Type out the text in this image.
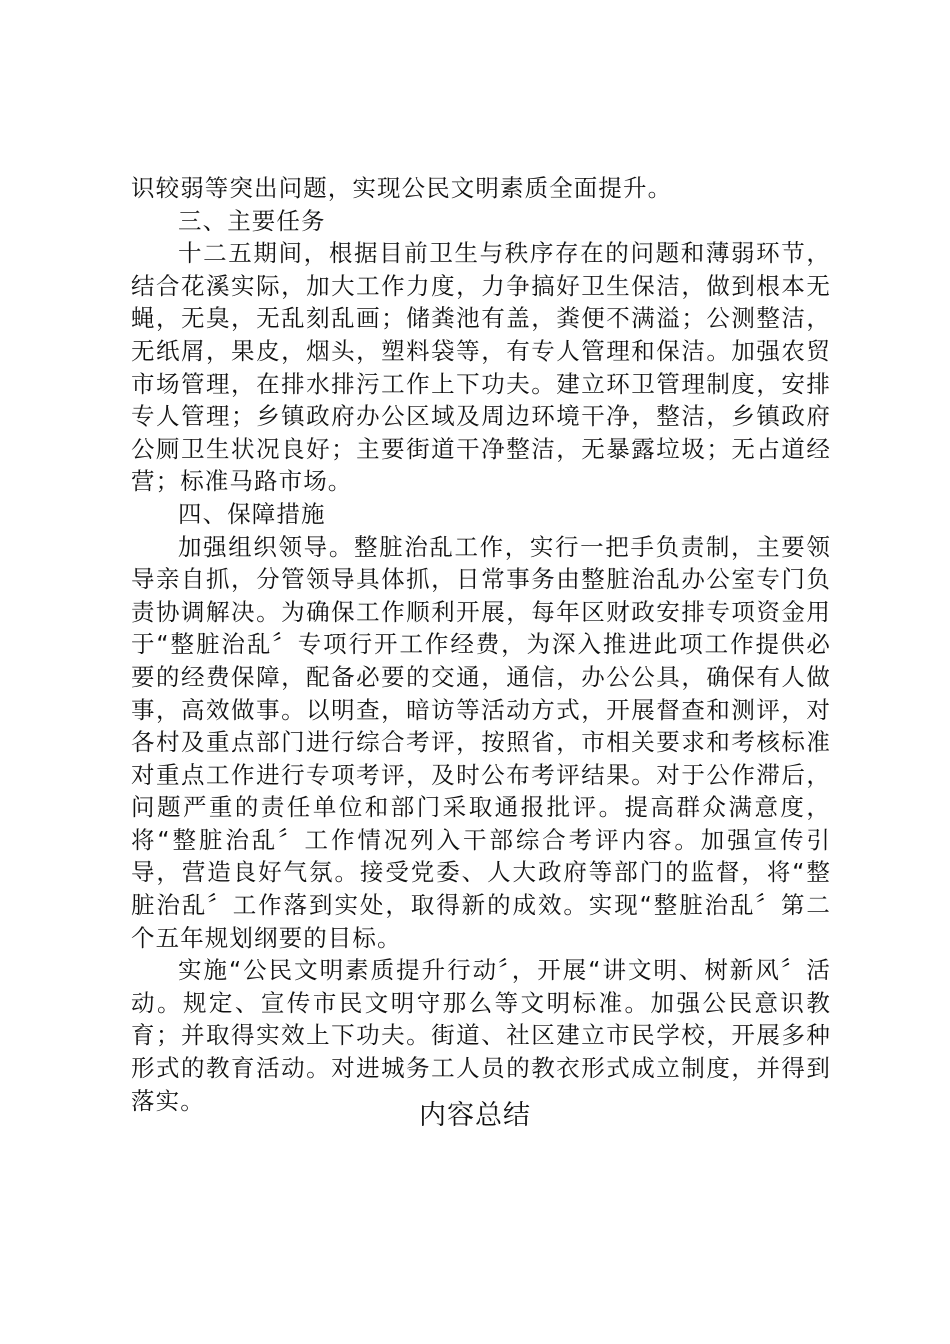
识较弱等突出问题，实现公民文明素质全面提升。

三、主要任务

十二五期间，根据目前卫生与秩序存在的问题和薄弱环节，结合花溪实际，加大工作力度，力争搞好卫生保洁，做到根本无蝇，无臭，无乱刻乱画；储粪池有盖，粪便不满溢；公测整洁，无纸屑，果皮，烟头，塑料袋等，有专人管理和保洁。加强农贸市场管理，在排水排污工作上下功夫。建立环卫管理制度，安排专人管理；乡镇政府办公区域及周边环境干净，整洁，乡镇政府公厕卫生状况良好；主要街道干净整洁，无暴露垃圾；无占道经营；标准马路市场。

四、保障措施

加强组织领导。整脏治乱工作，实行一把手负责制，主要领导亲自抓，分管领导具体抓，日常事务由整脏治乱办公室专门负责协调解决。为确保工作顺利开展，每年区财政安排专项资金用于“整脏治乱〞专项行开工作经费，为深入推进此项工作提供必要的经费保障，配备必要的交通，通信，办公公具，确保有人做事，高效做事。以明查，暗访等活动方式，开展督查和测评，对各村及重点部门进行综合考评，按照省，市相关要求和考核标准对重点工作进行专项考评，及时公布考评结果。对于公作滞后，问题严重的责任单位和部门采取通报批评。提高群众满意度，将“整脏治乱〞工作情况列入干部综合考评内容。加强宣传引导，营造良好气氛。接受党委、人大政府等部门的监督，将“整脏治乱〞工作落到实处，取得新的成效。实现“整脏治乱〞第二个五年规划纲要的目标。

实施“公民文明素质提升行动〞，开展“讲文明、树新风〞活动。规定、宣传市民文明守那么等文明标准。加强公民意识教育；并取得实效上下功夫。街道、社区建立市民学校，开展多种形式的教育活动。对进城务工人员的教衣形式成立制度，并得到落实。	内容总结
